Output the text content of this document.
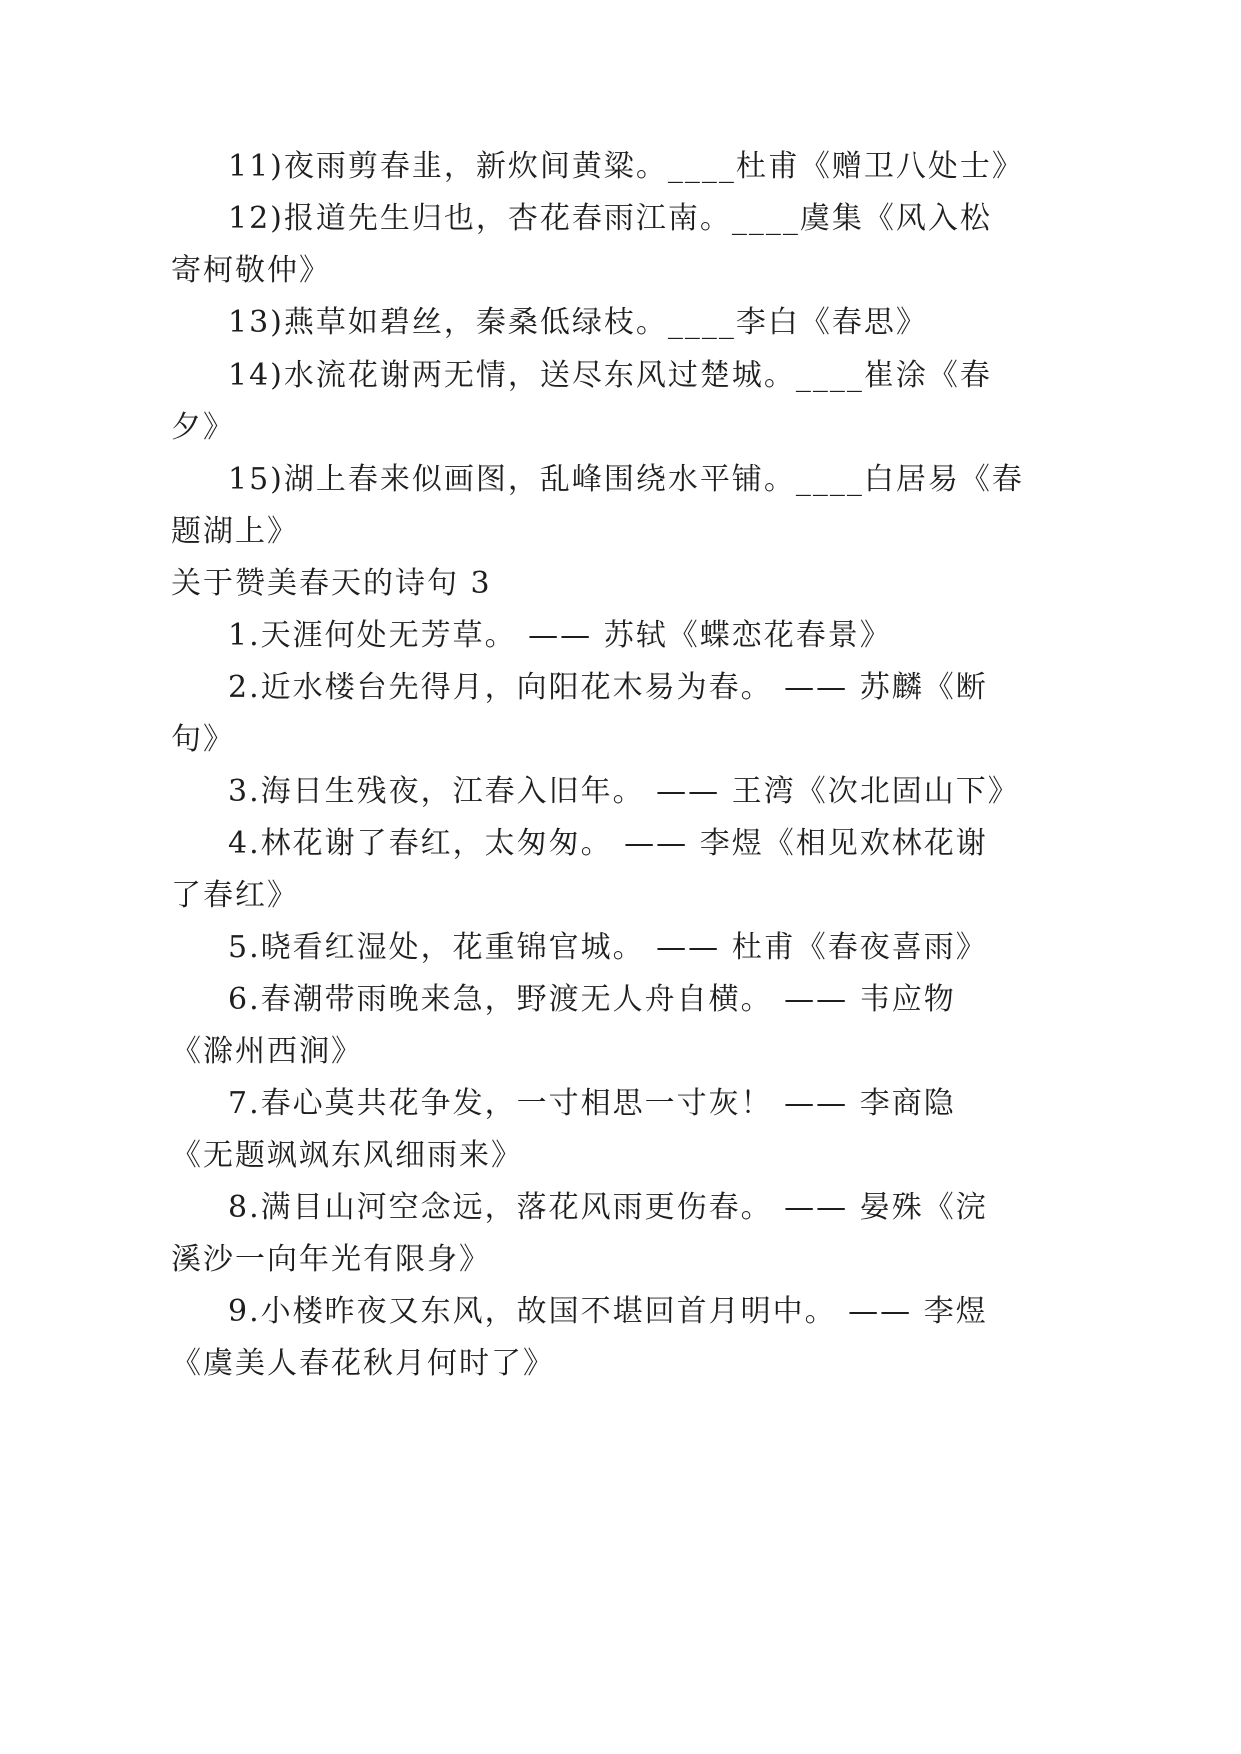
11)夜雨剪春韭，新炊间黄粱。____杜甫《赠卫八处士》
12)报道先生归也，杏花春雨江南。____虞集《风入松
寄柯敬仲》
13)燕草如碧丝，秦桑低绿枝。____李白《春思》
14)水流花谢两无情，送尽东风过楚城。____崔涂《春
夕》
15)湖上春来似画图，乱峰围绕水平铺。____白居易《春
题湖上》
关于赞美春天的诗句 3
1.天涯何处无芳草。 —— 苏轼《蝶恋花春景》
2.近水楼台先得月，向阳花木易为春。 —— 苏麟《断
句》
3.海日生残夜，江春入旧年。 —— 王湾《次北固山下》
4.林花谢了春红，太匆匆。 —— 李煜《相见欢林花谢
了春红》
5.晓看红湿处，花重锦官城。 —— 杜甫《春夜喜雨》
6.春潮带雨晚来急，野渡无人舟自横。 —— 韦应物
《滁州西涧》
7.春心莫共花争发，一寸相思一寸灰！ —— 李商隐
《无题飒飒东风细雨来》
8.满目山河空念远，落花风雨更伤春。 —— 晏殊《浣
溪沙一向年光有限身》
9.小楼昨夜又东风，故国不堪回首月明中。 —— 李煜
《虞美人春花秋月何时了》
